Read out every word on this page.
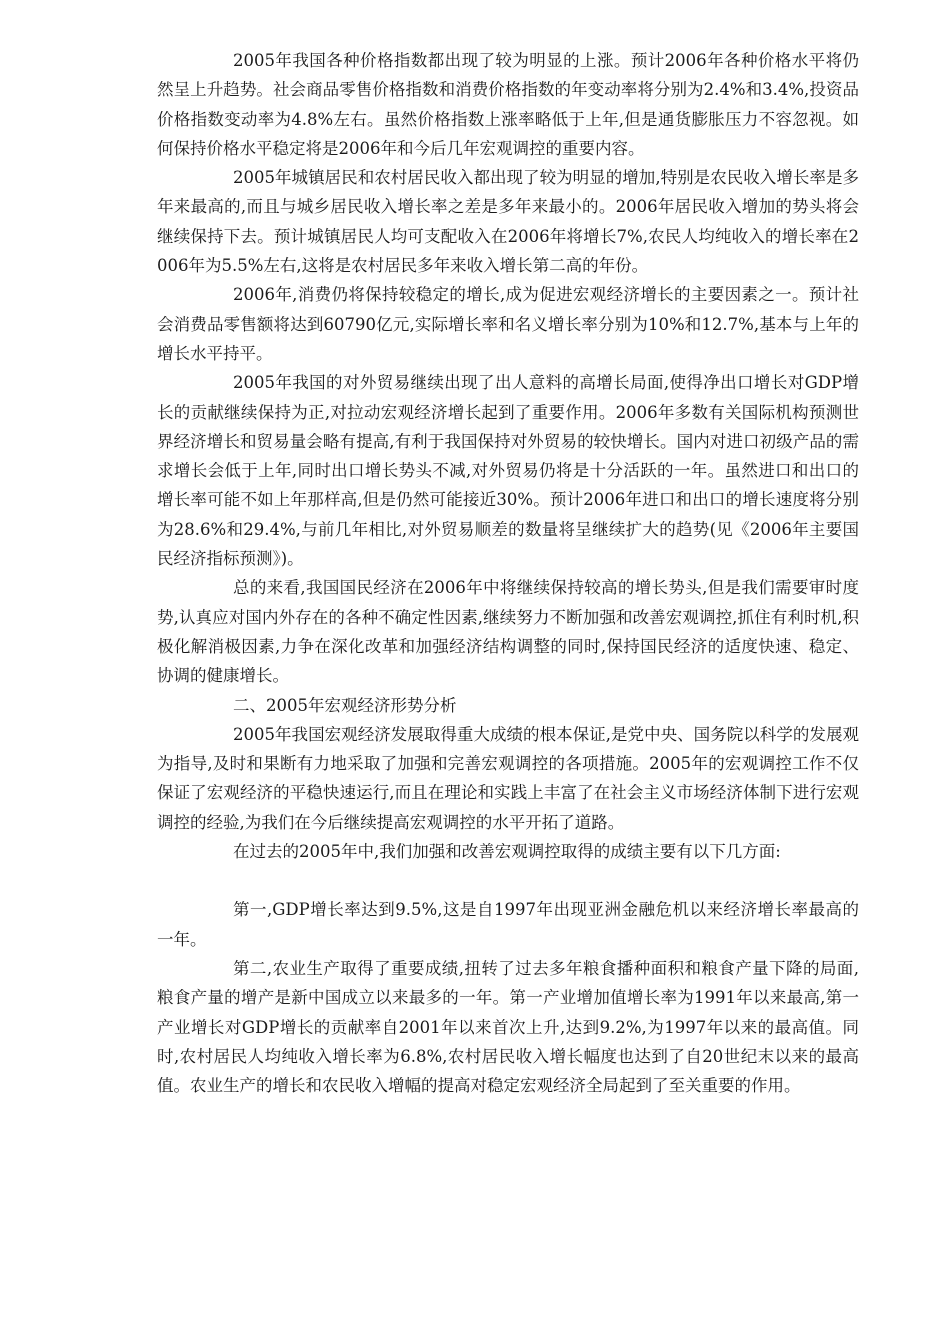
2005年我国各种价格指数都出现了较为明显的上涨。预计2006年各种价格水平将仍然呈上升趋势。社会商品零售价格指数和消费价格指数的年变动率将分别为2.4%和3.4%,投资品价格指数变动率为4.8%左右。虽然价格指数上涨率略低于上年,但是通货膨胀压力不容忽视。如何保持价格水平稳定将是2006年和今后几年宏观调控的重要内容。

2005年城镇居民和农村居民收入都出现了较为明显的增加,特别是农民收入增长率是多年来最高的,而且与城乡居民收入增长率之差是多年来最小的。2006年居民收入增加的势头将会继续保持下去。预计城镇居民人均可支配收入在2006年将增长7%,农民人均纯收入的增长率在2006年为5.5%左右,这将是农村居民多年来收入增长第二高的年份。

2006年,消费仍将保持较稳定的增长,成为促进宏观经济增长的主要因素之一。预计社会消费品零售额将达到60790亿元,实际增长率和名义增长率分别为10%和12.7%,基本与上年的增长水平持平。

2005年我国的对外贸易继续出现了出人意料的高增长局面,使得净出口增长对GDP增长的贡献继续保持为正,对拉动宏观经济增长起到了重要作用。2006年多数有关国际机构预测世界经济增长和贸易量会略有提高,有利于我国保持对外贸易的较快增长。国内对进口初级产品的需求增长会低于上年,同时出口增长势头不减,对外贸易仍将是十分活跃的一年。虽然进口和出口的增长率可能不如上年那样高,但是仍然可能接近30%。预计2006年进口和出口的增长速度将分别为28.6%和29.4%,与前几年相比,对外贸易顺差的数量将呈继续扩大的趋势(见《2006年主要国民经济指标预测》)。

总的来看,我国国民经济在2006年中将继续保持较高的增长势头,但是我们需要审时度势,认真应对国内外存在的各种不确定性因素,继续努力不断加强和改善宏观调控,抓住有利时机,积极化解消极因素,力争在深化改革和加强经济结构调整的同时,保持国民经济的适度快速、稳定、协调的健康增长。

二、2005年宏观经济形势分析

2005年我国宏观经济发展取得重大成绩的根本保证,是党中央、国务院以科学的发展观为指导,及时和果断有力地采取了加强和完善宏观调控的各项措施。2005年的宏观调控工作不仅保证了宏观经济的平稳快速运行,而且在理论和实践上丰富了在社会主义市场经济体制下进行宏观调控的经验,为我们在今后继续提高宏观调控的水平开拓了道路。

在过去的2005年中,我们加强和改善宏观调控取得的成绩主要有以下几方面:

第一,GDP增长率达到9.5%,这是自1997年出现亚洲金融危机以来经济增长率最高的一年。

第二,农业生产取得了重要成绩,扭转了过去多年粮食播种面积和粮食产量下降的局面,粮食产量的增产是新中国成立以来最多的一年。第一产业增加值增长率为1991年以来最高,第一产业增长对GDP增长的贡献率自2001年以来首次上升,达到9.2%,为1997年以来的最高值。同时,农村居民人均纯收入增长率为6.8%,农村居民收入增长幅度也达到了自20世纪末以来的最高值。农业生产的增长和农民收入增幅的提高对稳定宏观经济全局起到了至关重要的作用。
